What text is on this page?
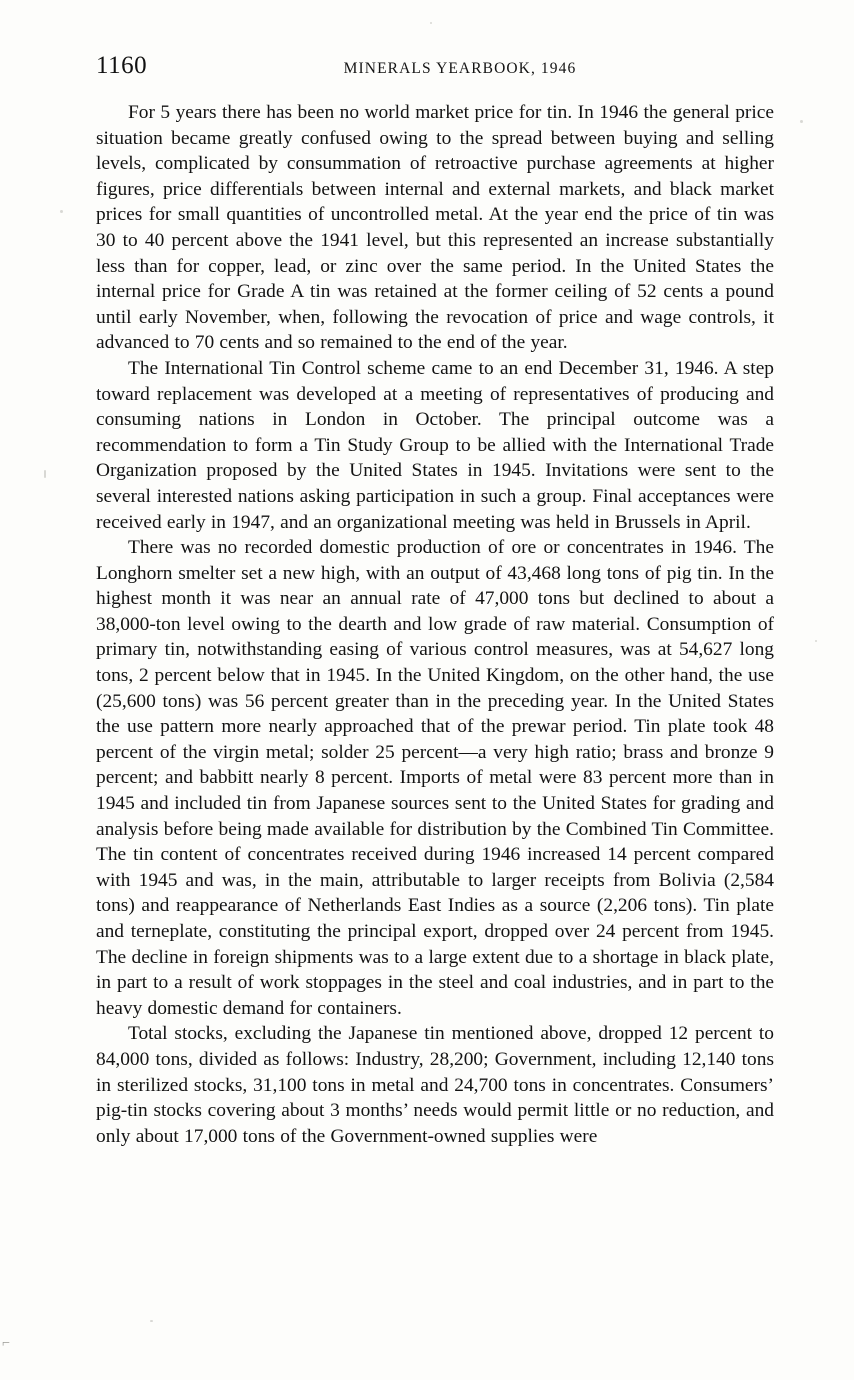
1160	MINERALS YEARBOOK, 1946

For 5 years there has been no world market price for tin. In 1946 the general price situation became greatly confused owing to the spread between buying and selling levels, complicated by consummation of retroactive purchase agreements at higher figures, price differentials between internal and external markets, and black market prices for small quantities of uncontrolled metal. At the year end the price of tin was 30 to 40 percent above the 1941 level, but this represented an increase substantially less than for copper, lead, or zinc over the same period. In the United States the internal price for Grade A tin was retained at the former ceiling of 52 cents a pound until early November, when, following the revocation of price and wage controls, it advanced to 70 cents and so remained to the end of the year.

The International Tin Control scheme came to an end December 31, 1946. A step toward replacement was developed at a meeting of representatives of producing and consuming nations in London in October. The principal outcome was a recommendation to form a Tin Study Group to be allied with the International Trade Organization proposed by the United States in 1945. Invitations were sent to the several interested nations asking participation in such a group. Final acceptances were received early in 1947, and an organizational meeting was held in Brussels in April.

There was no recorded domestic production of ore or concentrates in 1946. The Longhorn smelter set a new high, with an output of 43,468 long tons of pig tin. In the highest month it was near an annual rate of 47,000 tons but declined to about a 38,000-ton level owing to the dearth and low grade of raw material. Consumption of primary tin, notwithstanding easing of various control measures, was at 54,627 long tons, 2 percent below that in 1945. In the United Kingdom, on the other hand, the use (25,600 tons) was 56 percent greater than in the preceding year. In the United States the use pattern more nearly approached that of the prewar period. Tin plate took 48 percent of the virgin metal; solder 25 percent—a very high ratio; brass and bronze 9 percent; and babbitt nearly 8 percent. Imports of metal were 83 percent more than in 1945 and included tin from Japanese sources sent to the United States for grading and analysis before being made available for distribution by the Combined Tin Committee. The tin content of concentrates received during 1946 increased 14 percent compared with 1945 and was, in the main, attributable to larger receipts from Bolivia (2,584 tons) and reappearance of Netherlands East Indies as a source (2,206 tons). Tin plate and terneplate, constituting the principal export, dropped over 24 percent from 1945. The decline in foreign shipments was to a large extent due to a shortage in black plate, in part to a result of work stoppages in the steel and coal industries, and in part to the heavy domestic demand for containers.

Total stocks, excluding the Japanese tin mentioned above, dropped 12 percent to 84,000 tons, divided as follows: Industry, 28,200; Government, including 12,140 tons in sterilized stocks, 31,100 tons in metal and 24,700 tons in concentrates. Consumers’ pig-tin stocks covering about 3 months’ needs would permit little or no reduction, and only about 17,000 tons of the Government-owned supplies were

⌐
